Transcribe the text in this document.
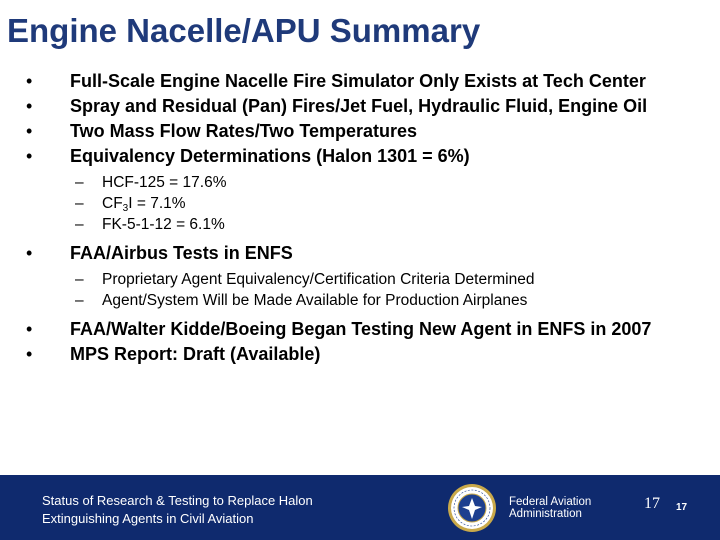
Engine Nacelle/APU Summary
• Full-Scale Engine Nacelle Fire Simulator Only Exists at Tech Center
• Spray and Residual (Pan) Fires/Jet Fuel, Hydraulic Fluid, Engine Oil
• Two Mass Flow Rates/Two Temperatures
• Equivalency Determinations (Halon 1301 = 6%)
– HCF-125 = 17.6%
– $CF_3I = 7.1\%$
– FK-5-1-12 = 6.1%
• FAA/Airbus Tests in ENFS
– Proprietary Agent Equivalency/Certification Criteria Determined
– Agent/System Will be Made Available for Production Airplanes
• FAA/Walter Kidde/Boeing Began Testing New Agent in ENFS in 2007
• MPS Report: Draft (Available)
Status of Research & Testing to Replace Halon
Extinguishing Agents in Civil Aviation
Federal Aviation
Administration
17 17
